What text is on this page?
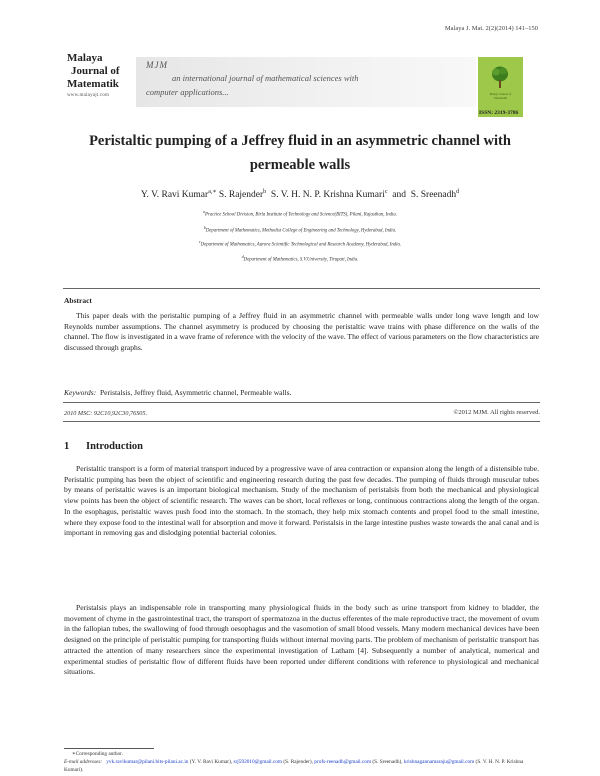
Malaya J. Mat. 2(2)(2014) 141–150
Malaya
Journal of
Matematik
www.malayajt.com
MJM
an international journal of mathematical sciences with
computer applications...	Malaya Journal of Matematik
ISSN: 2319-3786
Peristaltic pumping of a Jeffrey fluid in an asymmetric channel with
permeable walls
Y. V. Ravi Kumar$^{a,∗}$ S. Rajender$^b$  S. V. H. N. P. Krishna Kumari$^c$  and  S. Sreenadh$^d$
$^a$Practice School Division, Birla Institute of Technology and Science(BITS), Pilani, Rajasthan, India.
$^b$Department of Mathematics, Methodist College of Engineering and Technology, Hyderabad, India.
$^c$Department of Mathematics, Aurora Scientific Technological and Research Academy, Hyderabad, India.
$^d$Department of Mathematics, S.V.University, Tirupati, India.
Abstract
This paper deals with the peristaltic pumping of a Jeffrey fluid in an asymmetric channel with permeable walls under long wave length and low Reynolds number assumptions. The channel asymmetry is produced by choosing the peristaltic wave trains with phase difference on the walls of the channel. The flow is investigated in a wave frame of reference with the velocity of the wave. The effect of various parameters on the flow characteristics are discussed through graphs.
Keywords: Peristalsis, Jeffrey fluid, Asymmetric channel, Permeable walls.
2010 MSC: 92C10,92C30,76S05.	©2012 MJM. All rights reserved.
1 Introduction

Peristaltic transport is a form of material transport induced by a progressive wave of area contraction or expansion along the length of a distensible tube. Peristaltic pumping has been the object of scientific and engineering research during the past few decades. The pumping of fluids through muscular tubes by means of peristaltic waves is an important biological mechanism. Study of the mechanism of peristalsis from both the mechanical and physiological view points has been the object of scientific research. The waves can be short, local reflexes or long, continuous contractions along the length of the organ. In the esophagus, peristaltic waves push food into the stomach. In the stomach, they help mix stomach contents and propel food to the small intestine, where they expose food to the intestinal wall for absorption and move it forward. Peristalsis in the large intestine pushes waste towards the anal canal and is important in removing gas and dislodging potential bacterial colonies.

Peristalsis plays an indispensable role in transporting many physiological fluids in the body such as urine transport from kidney to bladder, the movement of chyme in the gastrointestinal tract, the transport of spermatozoa in the ductus efferentes of the male reproductive tract, the movement of ovum in the fallopian tubes, the swallowing of food through oesophagus and the vasomotion of small blood vessels. Many modern mechanical devices have been designed on the principle of peristaltic pumping for transporting fluids without internal moving parts. The problem of mechanism of peristaltic transport has attracted the attention of many researchers since the experimental investigation of Latham [4]. Subsequently a number of analytical, numerical and experimental studies of peristaltic flow of different fluids have been reported under different conditions with reference to physiological and mechanical situations.

∗Corresponding author.
E-mail addresses: yvk.ravikumar@pilani.bits-pilani.ac.in (Y. V. Ravi Kumar), srj592010@gmail.com (S. Rajender), profs-reenadh@gmail.com (S. Sreenadh), krishnagannamaraju@gmail.com (S. V. H. N. P. Krishna Kumari).
